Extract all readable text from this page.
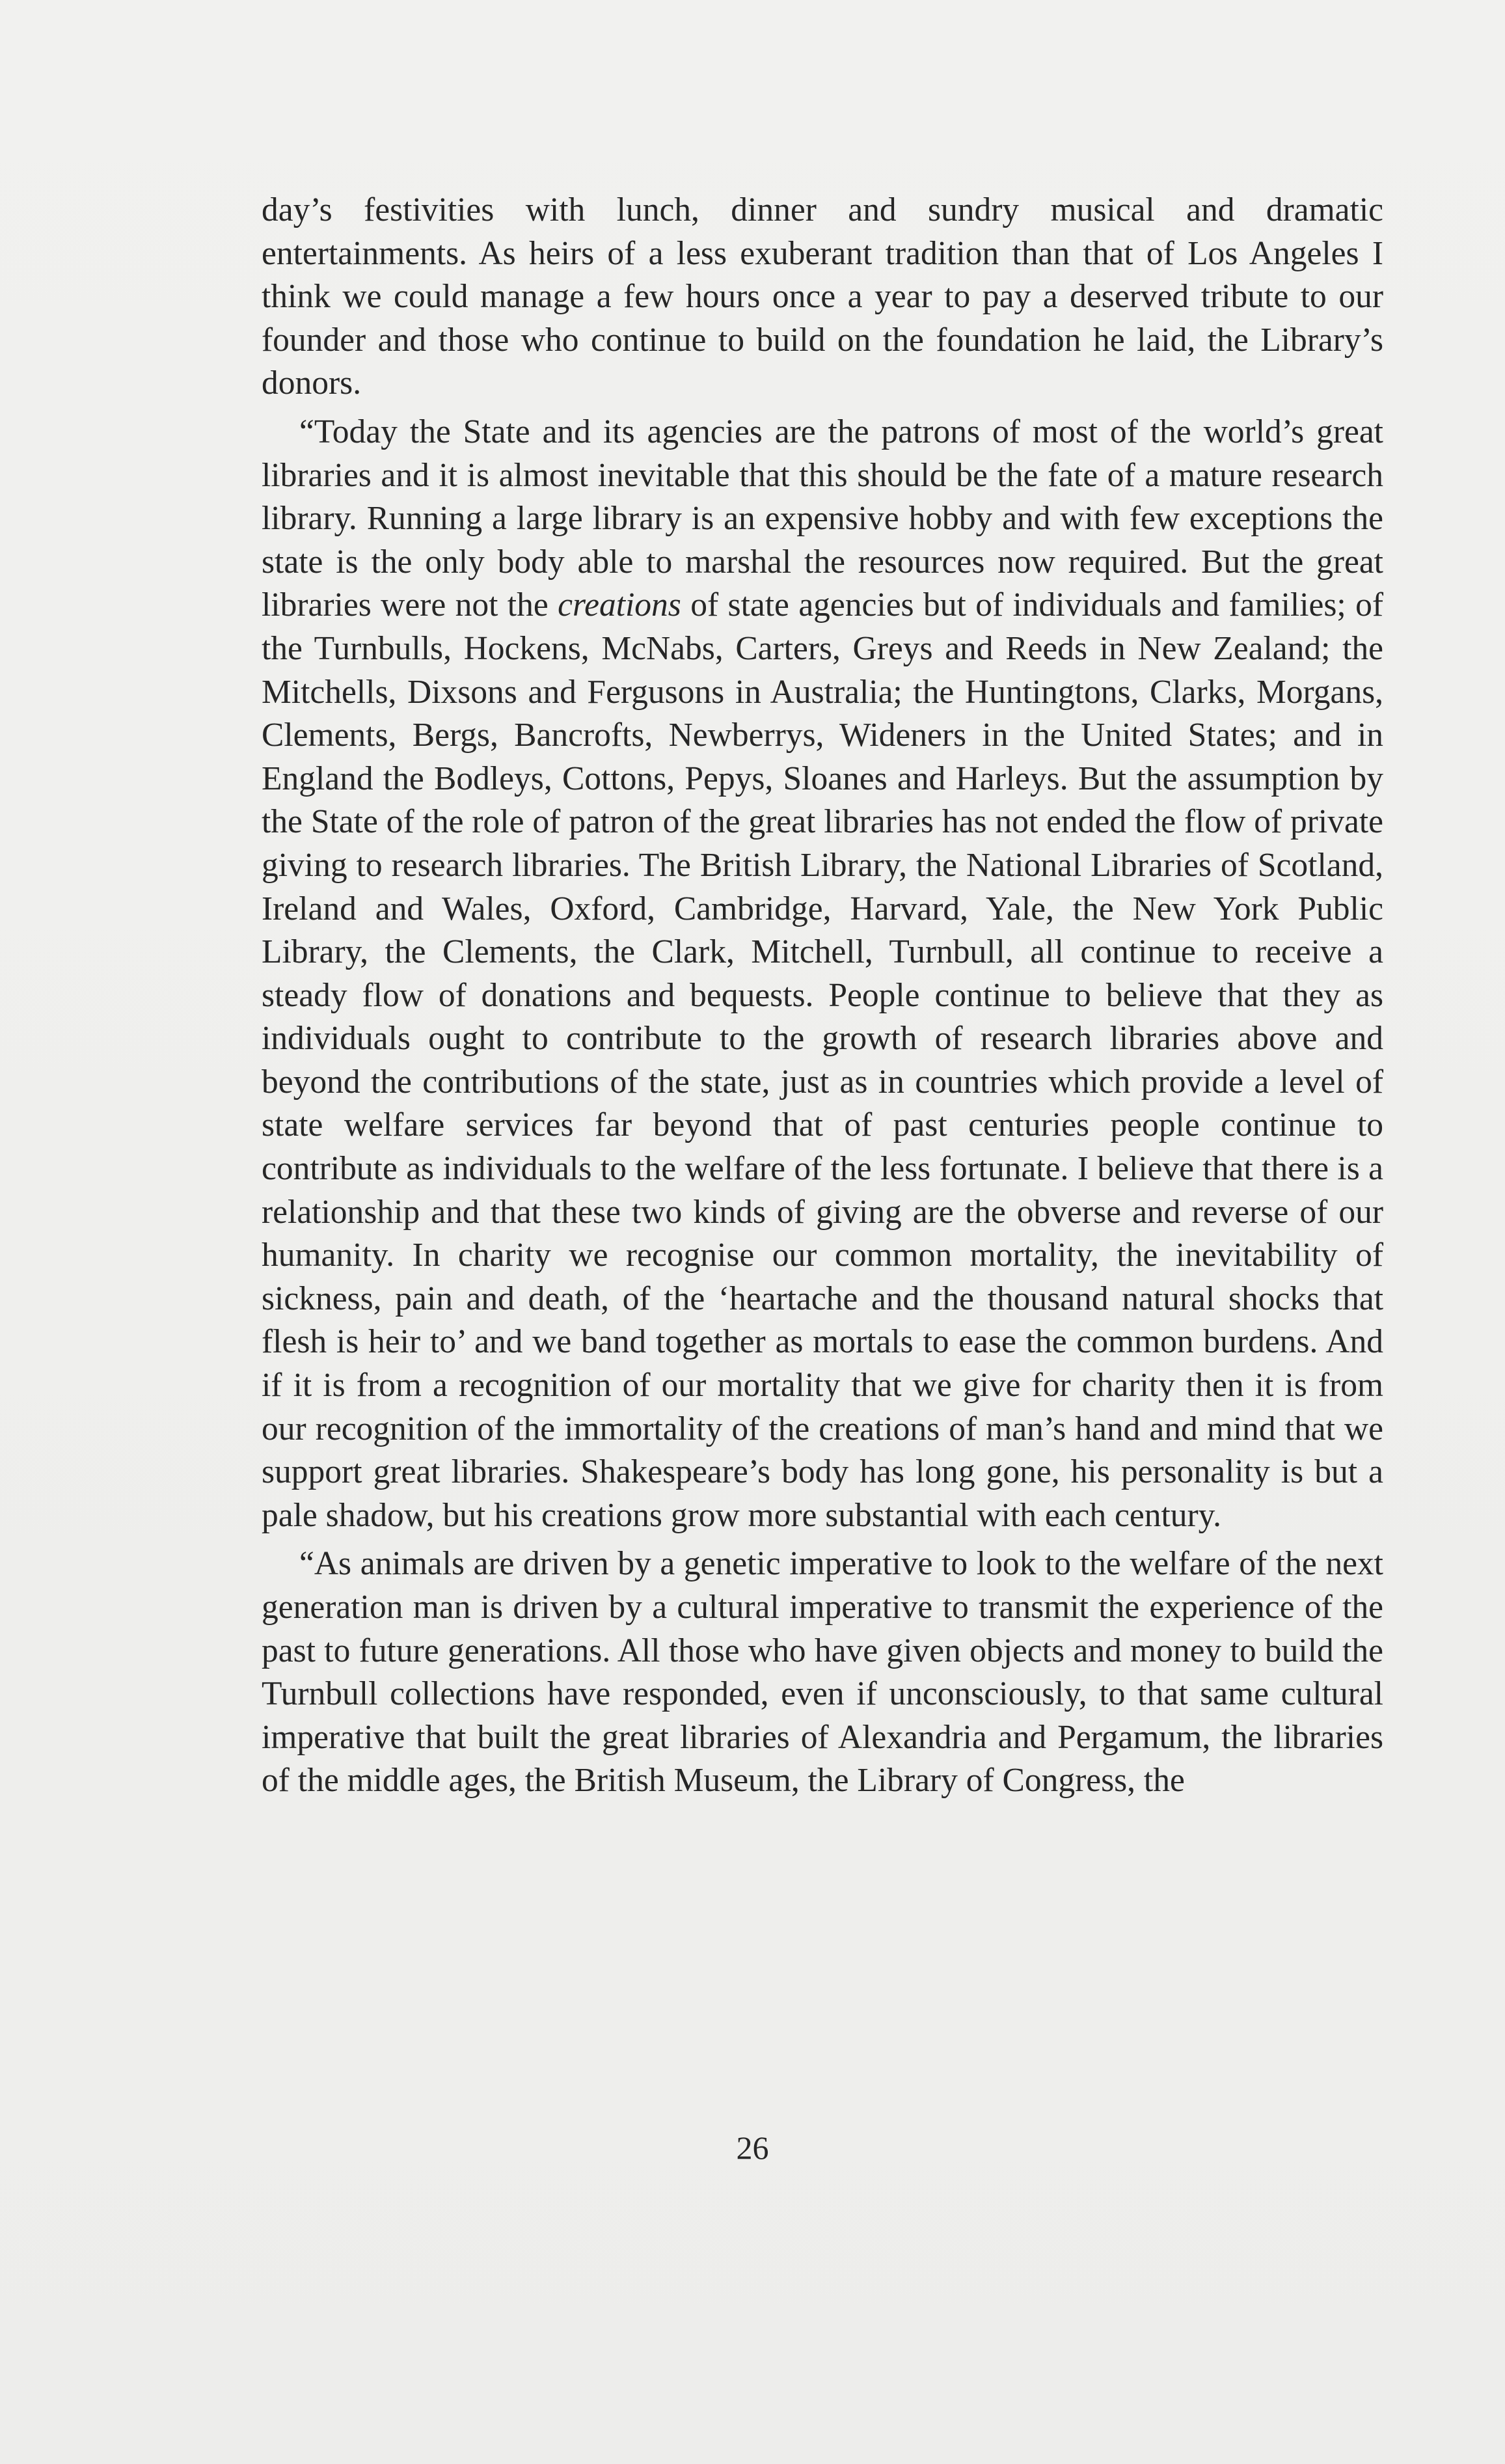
day’s festivities with lunch, dinner and sundry musical and dramatic entertainments. As heirs of a less exuberant tradition than that of Los Angeles I think we could manage a few hours once a year to pay a deserved tribute to our founder and those who continue to build on the foundation he laid, the Library’s donors.

“Today the State and its agencies are the patrons of most of the world’s great libraries and it is almost inevitable that this should be the fate of a mature research library. Running a large library is an expensive hobby and with few exceptions the state is the only body able to marshal the resources now required. But the great libraries were not the creations of state agencies but of individuals and families; of the Turnbulls, Hockens, McNabs, Carters, Greys and Reeds in New Zealand; the Mitchells, Dixsons and Fergusons in Australia; the Huntingtons, Clarks, Morgans, Clements, Bergs, Bancrofts, Newberrys, Wideners in the United States; and in England the Bodleys, Cottons, Pepys, Sloanes and Harleys. But the assumption by the State of the role of patron of the great libraries has not ended the flow of private giving to research libraries. The British Library, the National Libraries of Scotland, Ireland and Wales, Oxford, Cambridge, Harvard, Yale, the New York Public Library, the Clements, the Clark, Mitchell, Turnbull, all continue to receive a steady flow of donations and bequests. People continue to believe that they as individuals ought to contribute to the growth of research libraries above and beyond the contributions of the state, just as in countries which provide a level of state welfare services far beyond that of past centuries people continue to contribute as individuals to the welfare of the less fortunate. I believe that there is a relationship and that these two kinds of giving are the obverse and reverse of our humanity. In charity we recognise our common mortality, the inevitability of sickness, pain and death, of the ‘heartache and the thousand natural shocks that flesh is heir to’ and we band together as mortals to ease the common burdens. And if it is from a recognition of our mortality that we give for charity then it is from our recognition of the immortality of the creations of man’s hand and mind that we support great libraries. Shakespeare’s body has long gone, his personality is but a pale shadow, but his creations grow more substantial with each century.

“As animals are driven by a genetic imperative to look to the welfare of the next generation man is driven by a cultural imperative to transmit the experience of the past to future generations. All those who have given objects and money to build the Turnbull collections have responded, even if unconsciously, to that same cultural imperative that built the great libraries of Alexandria and Pergamum, the libraries of the middle ages, the British Museum, the Library of Congress, the

26
